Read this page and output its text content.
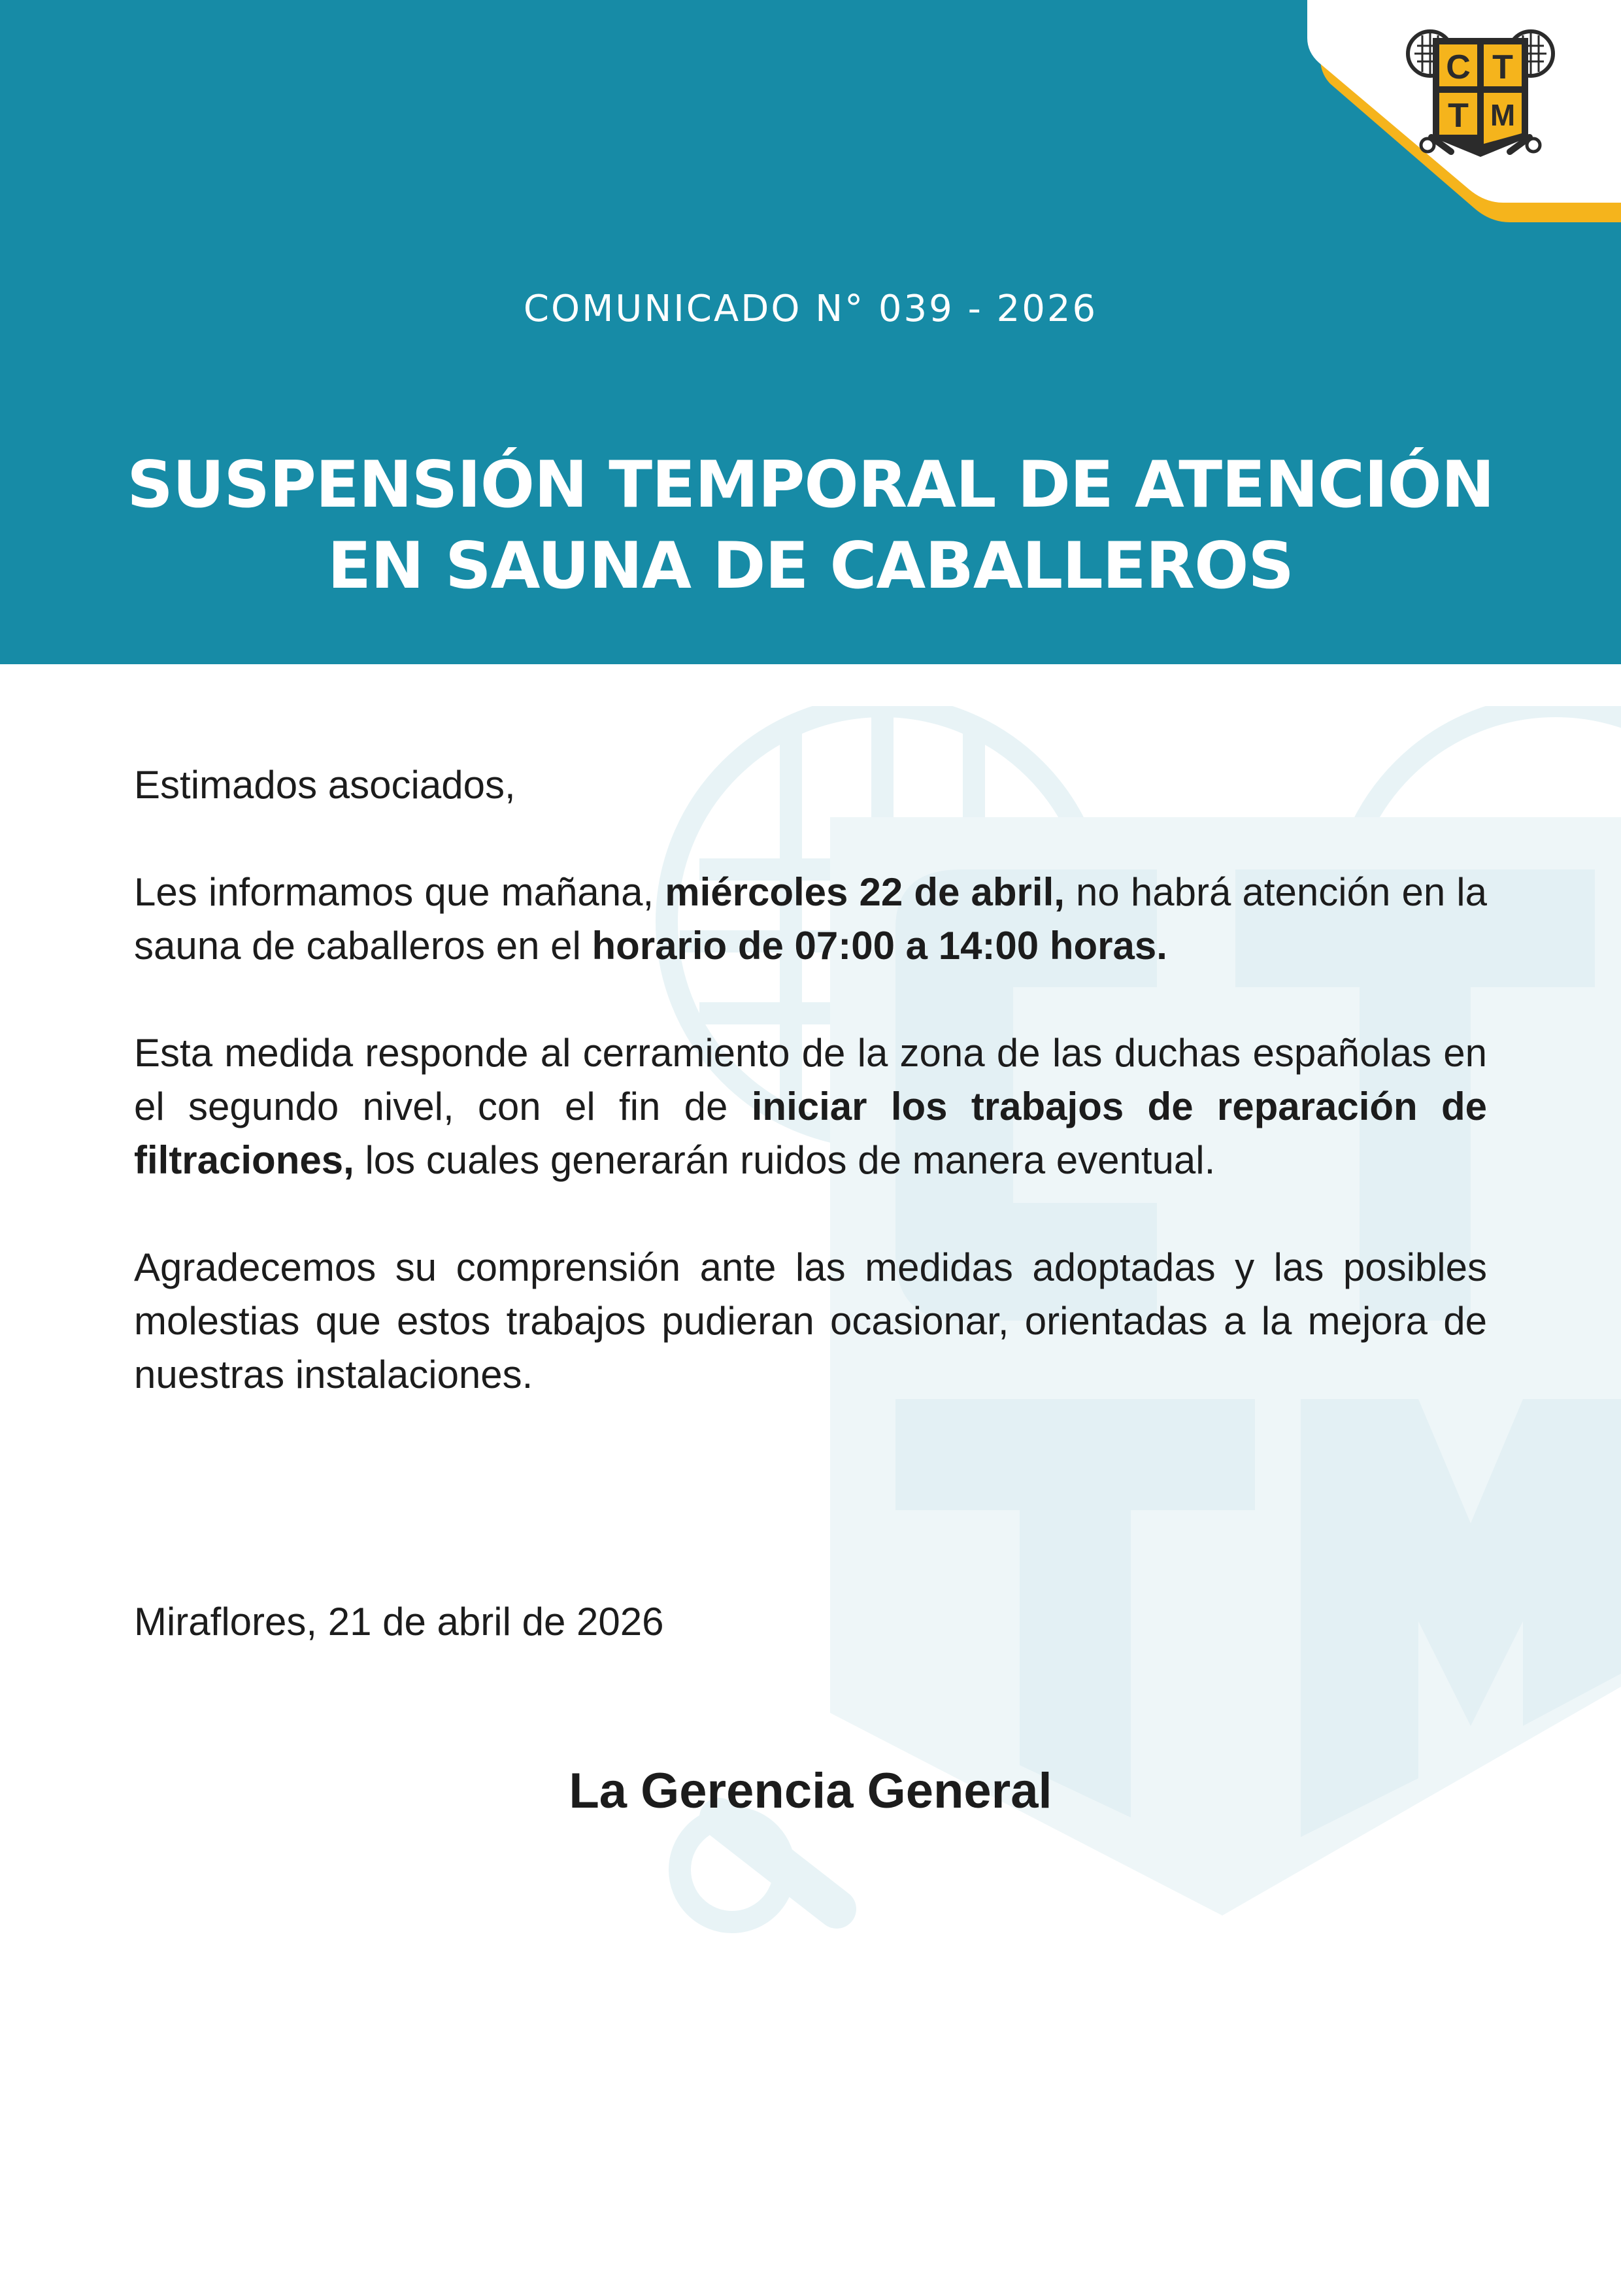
COMUNICADO N° 039 - 2026
SUSPENSIÓN TEMPORAL DE ATENCIÓN
EN SAUNA DE CABALLEROS
C T
T M

Estimados asociados,

Les informamos que mañana, miércoles 22 de abril, no habrá atención en la sauna de caballeros en el horario de 07:00 a 14:00 horas.

Esta medida responde al cerramiento de la zona de las duchas españolas en el segundo nivel, con el fin de iniciar los trabajos de reparación de filtraciones, los cuales generarán ruidos de manera eventual.

Agradecemos su comprensión ante las medidas adoptadas y las posibles molestias que estos trabajos pudieran ocasionar, orientadas a la mejora de nuestras instalaciones.

Miraflores, 21 de abril de 2026
La Gerencia General
